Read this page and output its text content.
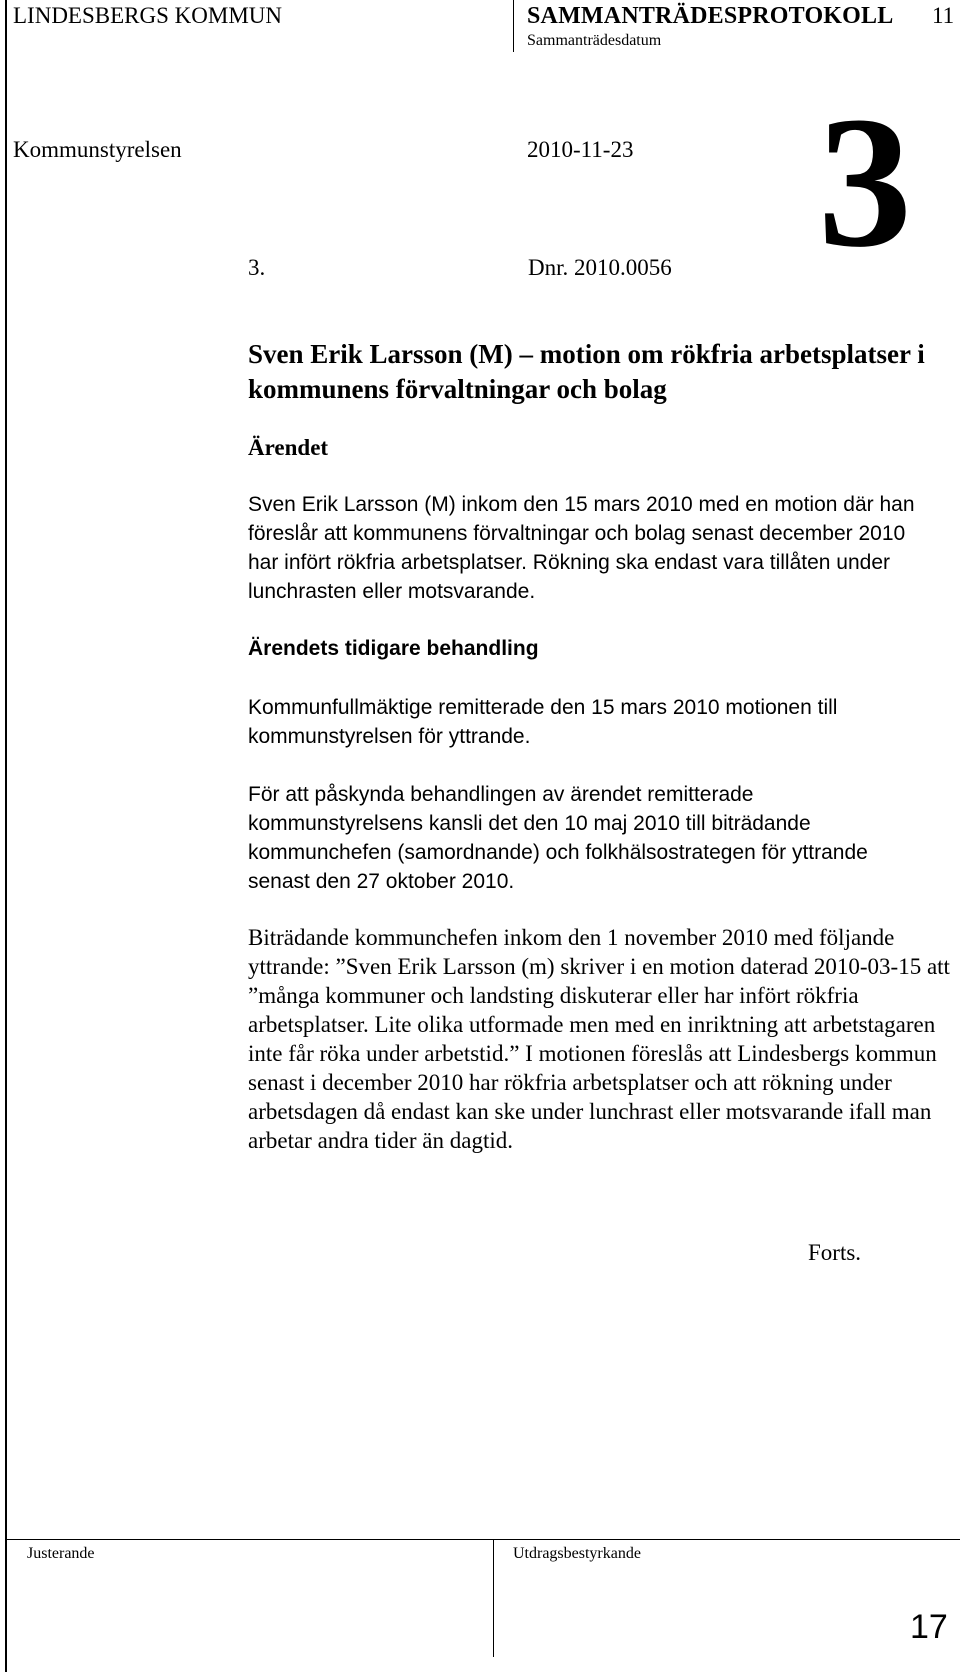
LINDESBERGS KOMMUN	SAMMANTRÄDESPROTOKOLL 11
Sammanträdesdatum
Kommunstyrelsen	2010-11-23 3
3.	Dnr. 2010.0056
Sven Erik Larsson (M) – motion om rökfria arbetsplatser i kommunens förvaltningar och bolag
Ärendet

Sven Erik Larsson (M) inkom den 15 mars 2010 med en motion där han föreslår att kommunens förvaltningar och bolag senast december 2010 har infört rökfria arbetsplatser. Rökning ska endast vara tillåten under lunchrasten eller motsvarande.

Ärendets tidigare behandling

Kommunfullmäktige remitterade den 15 mars 2010 motionen till kommunstyrelsen för yttrande.

För att påskynda behandlingen av ärendet remitterade kommunstyrelsens kansli det den 10 maj 2010 till biträdande kommunchefen (samordnande) och folkhälsostrategen för yttrande senast den 27 oktober 2010.

Biträdande kommunchefen inkom den 1 november 2010 med följande yttrande: ”Sven Erik Larsson (m) skriver i en motion daterad 2010-03-15 att ”många kommuner och landsting diskuterar eller har infört rökfria arbetsplatser. Lite olika utformade men med en inriktning att arbetstagaren inte får röka under arbetstid.” I motionen föreslås att Lindesbergs kommun senast i december 2010 har rökfria arbetsplatser och att rökning under arbetsdagen då endast kan ske under lunchrast eller motsvarande ifall man arbetar andra tider än dagtid.

Forts.
Justerande	Utdragsbestyrkande
17
